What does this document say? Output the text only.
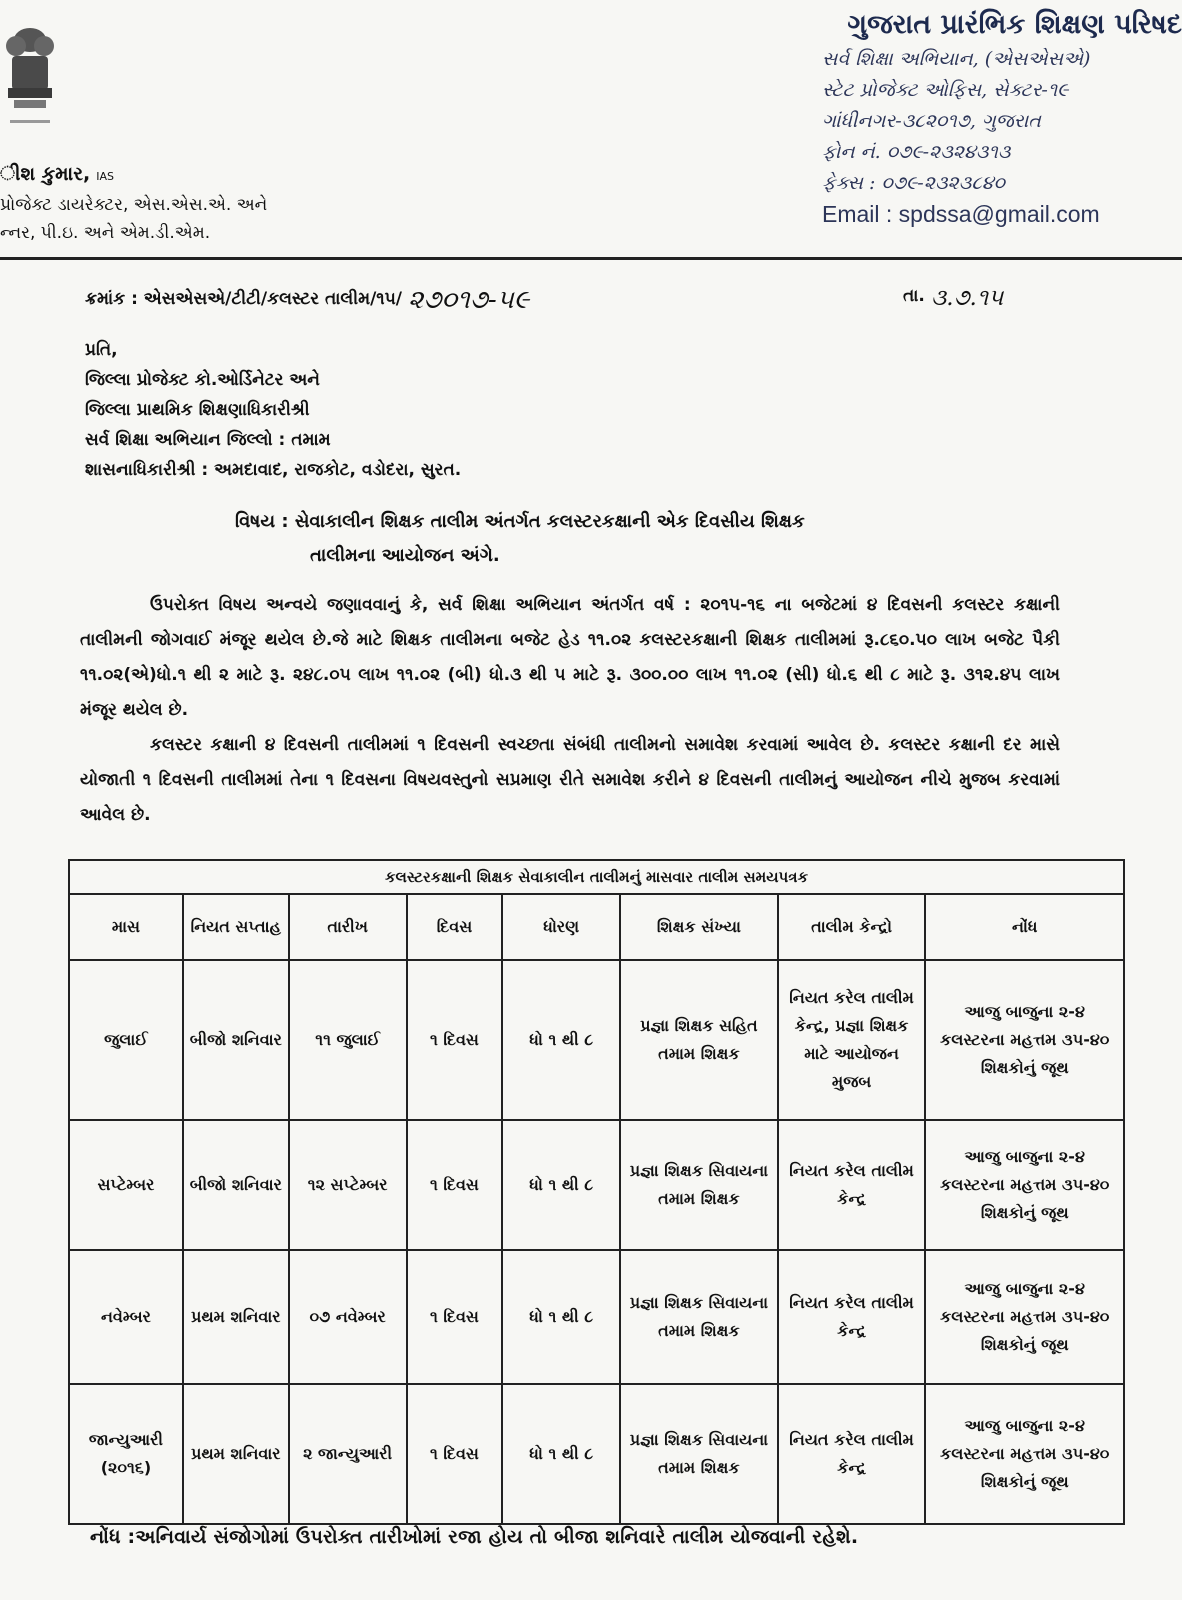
ીશ કુમાર, IAS
પ્રોજેક્ટ ડાયરેક્ટર, એસ.એસ.એ. અને
ન્નર, પી.ઇ. અને એમ.ડી.એમ.
ગુજરાત પ્રારંભિક શિક્ષણ પરિષદ
સર્વ શિક્ષા અભિયાન, (એસએસએ)
સ્ટેટ પ્રોજેક્ટ ઓફિસ, સેક્ટર-૧૯
ગાંધીનગર-૩૮૨૦૧૭, ગુજરાત
ફોન નં. ૦૭૯-૨૩૨૪૩૧૩
ફેક્સ : ૦૭૯-૨૩૨૩૮૪૦
Email : spdssa@gmail.com
ક્રમાંક : એસએસએ/ટીટી/કલસ્ટર તાલીમ/૧૫/ ૨૭૦૧૭-૫૯	તા. ૩.૭.૧૫
પ્રતિ,
જિલ્લા પ્રોજેક્ટ કો.ઓર્ડિનેટર અને
જિલ્લા પ્રાથમિક શિક્ષણાધિકારીશ્રી
સર્વ શિક્ષા અભિયાન જિલ્લો : તમામ
શાસનાધિકારીશ્રી : અમદાવાદ, રાજકોટ, વડોદરા, સુરત.
વિષય : સેવાકાલીન શિક્ષક તાલીમ અંતર્ગત કલસ્ટરકક્ષાની એક દિવસીય શિક્ષક
તાલીમના આયોજન અંગે.

ઉપરોક્ત વિષય અન્વયે જણાવવાનું કે, સર્વ શિક્ષા અભિયાન અંતર્ગત વર્ષ : ૨૦૧૫-૧૬ ના બજેટમાં ૪ દિવસની કલસ્ટર કક્ષાની તાલીમની જોગવાઈ મંજૂર થયેલ છે.જે માટે શિક્ષક તાલીમના બજેટ હેડ ૧૧.૦૨ કલસ્ટરકક્ષાની શિક્ષક તાલીમમાં રૂ.૮૬૦.૫૦ લાખ બજેટ પૈકી ૧૧.૦૨(એ)ધો.૧ થી ૨ માટે રૂ. ૨૪૮.૦૫ લાખ ૧૧.૦૨ (બી) ધો.૩ થી ૫ માટે રૂ. ૩૦૦.૦૦ લાખ ૧૧.૦૨ (સી) ધો.૬ થી ૮ માટે રૂ. ૩૧૨.૪૫ લાખ મંજૂર થયેલ છે.

કલસ્ટર કક્ષાની ૪ દિવસની તાલીમમાં ૧ દિવસની સ્વચ્છતા સંબંધી તાલીમનો સમાવેશ કરવામાં આવેલ છે. કલસ્ટર કક્ષાની દર માસે યોજાતી ૧ દિવસની તાલીમમાં તેના ૧ દિવસના વિષયવસ્તુનો સપ્રમાણ રીતે સમાવેશ કરીને ૪ દિવસની તાલીમનું આયોજન નીચે મુજબ કરવામાં આવેલ છે.

કલસ્ટરકક્ષાની શિક્ષક સેવાકાલીન તાલીમનું માસવાર તાલીમ સમયપત્રક							
માસ	નિયત સપ્તાહ	તારીખ	દિવસ	ધોરણ	શિક્ષક સંખ્યા	તાલીમ કેન્દ્રો	નોંધ
જુલાઈ	બીજો શનિવાર	૧૧ જુલાઈ	૧ દિવસ	ધો ૧ થી ૮	પ્રજ્ઞા શિક્ષક સહિત તમામ શિક્ષક	નિયત કરેલ તાલીમ કેન્દ્ર, પ્રજ્ઞા શિક્ષક માટે આયોજન મુજબ	આજુ બાજુના ૨-૪ કલસ્ટરના મહત્તમ ૩૫-૪૦ શિક્ષકોનું જૂથ
સપ્ટેમ્બર	બીજો શનિવાર	૧૨ સપ્ટેમ્બર	૧ દિવસ	ધો ૧ થી ૮	પ્રજ્ઞા શિક્ષક સિવાયના તમામ શિક્ષક	નિયત કરેલ તાલીમ કેન્દ્ર	આજુ બાજુના ૨-૪ કલસ્ટરના મહત્તમ ૩૫-૪૦ શિક્ષકોનું જૂથ
નવેમ્બર	પ્રથમ શનિવાર	૦૭ નવેમ્બર	૧ દિવસ	ધો ૧ થી ૮	પ્રજ્ઞા શિક્ષક સિવાયના તમામ શિક્ષક	નિયત કરેલ તાલીમ કેન્દ્ર	આજુ બાજુના ૨-૪ કલસ્ટરના મહત્તમ ૩૫-૪૦ શિક્ષકોનું જૂથ
જાન્યુઆરી (૨૦૧૬)	પ્રથમ શનિવાર	૨ જાન્યુઆરી	૧ દિવસ	ધો ૧ થી ૮	પ્રજ્ઞા શિક્ષક સિવાયના તમામ શિક્ષક	નિયત કરેલ તાલીમ કેન્દ્ર	આજુ બાજુના ૨-૪ કલસ્ટરના મહત્તમ ૩૫-૪૦ શિક્ષકોનું જૂથ
નોંધ :અનિવાર્ય સંજોગોમાં ઉપરોક્ત તારીખોમાં રજા હોય તો બીજા શનિવારે તાલીમ યોજવાની રહેશે.
